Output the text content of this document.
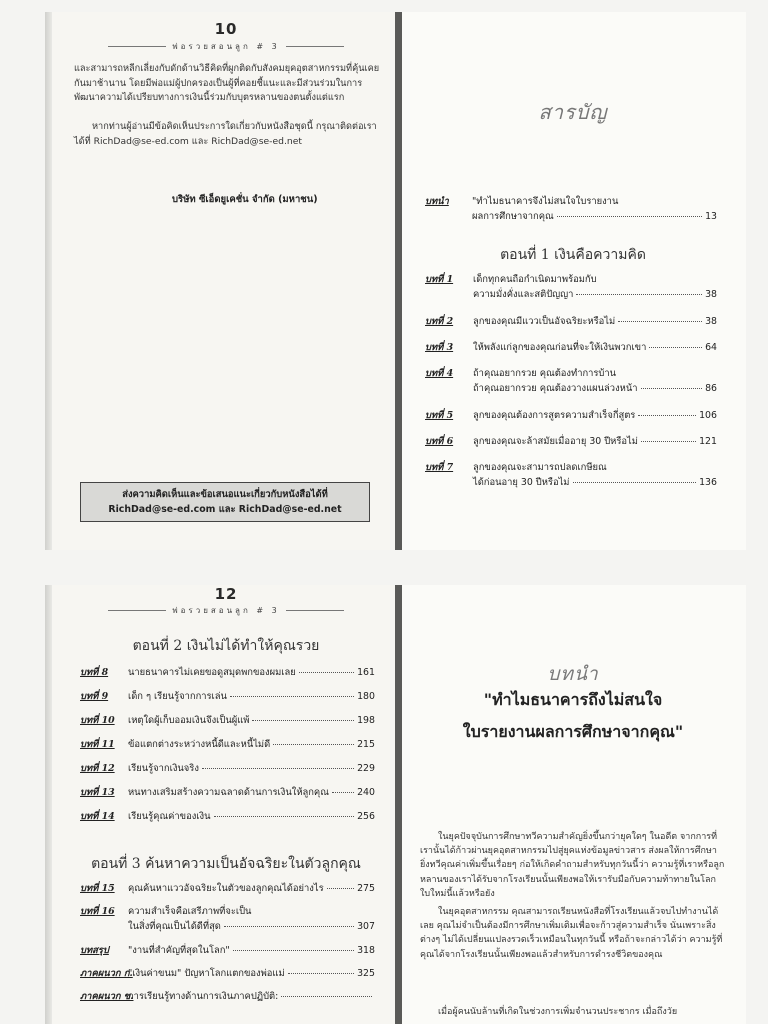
10
พ่อรวยสอนลูก # 3
และสามารถหลีกเลี่ยงกับดักด้านวิธีคิดที่ผูกติดกับสังคมยุคอุตสาหกรรมที่คุ้นเคยกันมาช้านาน โดยมีพ่อแม่ผู้ปกครองเป็นผู้ที่คอยชี้แนะและมีส่วนร่วมในการพัฒนาความได้เปรียบทางการเงินนี้ร่วมกับบุตรหลานของตนตั้งแต่แรก
หากท่านผู้อ่านมีข้อคิดเห็นประการใดเกี่ยวกับหนังสือชุดนี้ กรุณาติดต่อเราได้ที่ RichDad@se-ed.com และ RichDad@se-ed.net
บริษัท ซีเอ็ดยูเคชั่น จำกัด (มหาชน)
ส่งความคิดเห็นและข้อเสนอแนะเกี่ยวกับหนังสือได้ที่
RichDad@se-ed.com และ RichDad@se-ed.net
สารบัญ
บทนำ "ทำไมธนาคารจึงไม่สนใจใบรายงาน
ผลการศึกษาจากคุณ	13
ตอนที่ 1 เงินคือความคิด
บทที่ 1 เด็กทุกคนถือกำเนิดมาพร้อมกับ
ความมั่งคั่งและสติปัญญา	38
บทที่ 2 ลูกของคุณมีแววเป็นอัจฉริยะหรือไม่	38
บทที่ 3 ให้พลังแก่ลูกของคุณก่อนที่จะให้เงินพวกเขา	64
บทที่ 4 ถ้าคุณอยากรวย คุณต้องทำการบ้าน
ถ้าคุณอยากรวย คุณต้องวางแผนล่วงหน้า	86
บทที่ 5 ลูกของคุณต้องการสูตรความสำเร็จกี่สูตร	106
บทที่ 6 ลูกของคุณจะล้าสมัยเมื่ออายุ 30 ปีหรือไม่	121
บทที่ 7 ลูกของคุณจะสามารถปลดเกษียณ
ได้ก่อนอายุ 30 ปีหรือไม่	136
12
พ่อรวยสอนลูก # 3
ตอนที่ 2 เงินไม่ได้ทำให้คุณรวย
บทที่ 8 นายธนาคารไม่เคยขอดูสมุดพกของผมเลย	161
บทที่ 9 เด็ก ๆ เรียนรู้จากการเล่น	180
บทที่ 10 เหตุใดผู้เก็บออมเงินจึงเป็นผู้แพ้	198
บทที่ 11 ข้อแตกต่างระหว่างหนี้ดีและหนี้ไม่ดี	215
บทที่ 12 เรียนรู้จากเงินจริง	229
บทที่ 13 หนทางเสริมสร้างความฉลาดด้านการเงินให้ลูกคุณ	240
บทที่ 14 เรียนรู้คุณค่าของเงิน	256
ตอนที่ 3 ค้นหาความเป็นอัจฉริยะในตัวลูกคุณ
บทที่ 15 คุณค้นหาแววอัจฉริยะในตัวของลูกคุณได้อย่างไร	275
บทที่ 16 ความสำเร็จคือเสรีภาพที่จะเป็น
ในสิ่งที่คุณเป็นได้ดีที่สุด	307
บทสรุป "งานที่สำคัญที่สุดในโลก"	318
ภาคผนวก ก.
"เงินค่าขนม" ปัญหาโลกแตกของพ่อแม่	325
ภาคผนวก ข.
การเรียนรู้ทางด้านการเงินภาคปฏิบัติ:
บทนำ
"ทำไมธนาคารถึงไม่สนใจ
ใบรายงานผลการศึกษาจากคุณ"
ในยุคปัจจุบันการศึกษาทวีความสำคัญยิ่งขึ้นกว่ายุคใดๆ ในอดีต จากการที่เรานั้นได้ก้าวผ่านยุคอุตสาหกรรมไปสู่ยุคแห่งข้อมูลข่าวสาร ส่งผลให้การศึกษายิ่งทวีคุณค่าเพิ่มขึ้นเรื่อยๆ ก่อให้เกิดคำถามสำหรับทุกวันนี้ว่า ความรู้ที่เราหรือลูกหลานของเราได้รับจากโรงเรียนนั้นเพียงพอให้เรารับมือกับความท้าทายในโลกใบใหม่นี้แล้วหรือยัง
ในยุคอุตสาหกรรม คุณสามารถเรียนหนังสือที่โรงเรียนแล้วจบไปทำงานได้เลย คุณไม่จำเป็นต้องมีการศึกษาเพิ่มเติมเพื่อจะก้าวสู่ความสำเร็จ นั่นเพราะสิ่งต่างๆ ไม่ได้เปลี่ยนแปลงรวดเร็วเหมือนในทุกวันนี้ หรือถ้าจะกล่าวได้ว่า ความรู้ที่คุณได้จากโรงเรียนนั้นเพียงพอแล้วสำหรับการดำรงชีวิตของคุณ
เมื่อผู้คนนับล้านที่เกิดในช่วงการเพิ่มจำนวนประชากร เมื่อถึงวัย
